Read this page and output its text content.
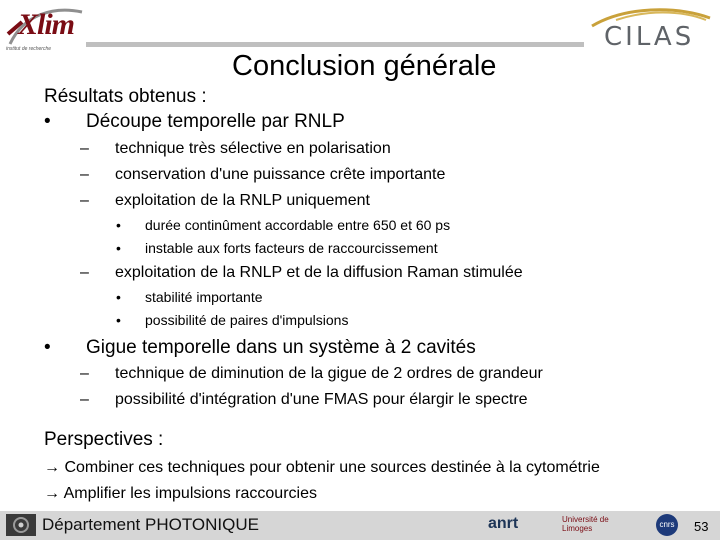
Xlim
institut de recherche	CILAS
Conclusion générale
Résultats obtenus :
• Découpe temporelle par RNLP
– technique très sélective en polarisation
– conservation d'une puissance crête importante
– exploitation de la RNLP uniquement
• durée continûment accordable entre 650 et 60 ps
• instable aux forts facteurs de raccourcissement
– exploitation de la RNLP et de la diffusion Raman stimulée
• stabilité importante
• possibilité de paires d'impulsions
• Gigue temporelle dans un système à 2 cavités
– technique de diminution de la gigue de 2 ordres de grandeur
– possibilité d'intégration d'une FMAS pour élargir le spectre
Perspectives :
→ Combiner ces techniques pour obtenir une sources destinée à la cytométrie
→ Amplifier les impulsions raccourcies
Département PHOTONIQUE	anrt	Université de Limoges	cnrs 53
